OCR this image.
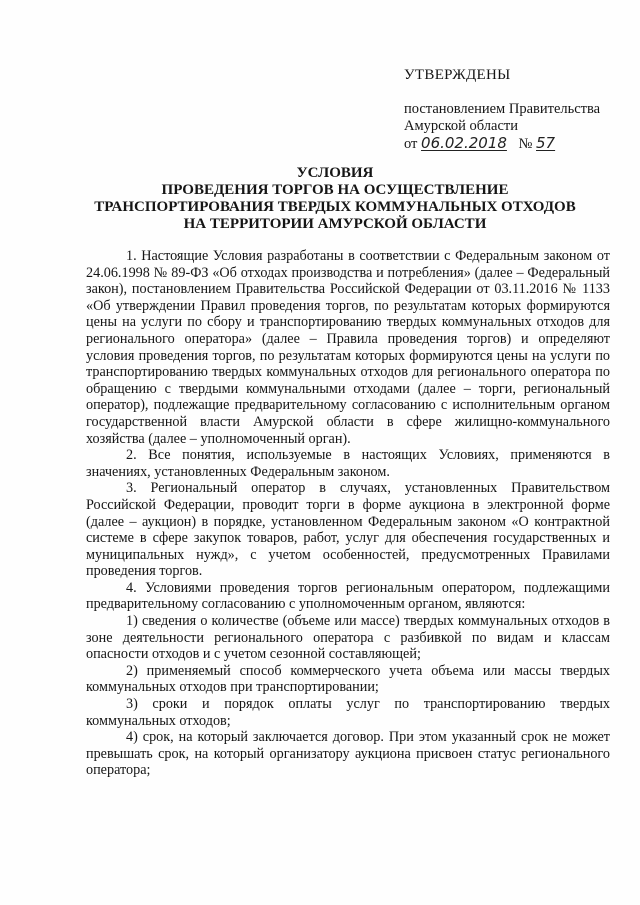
УТВЕРЖДЕНЫ
постановлением Правительства
Амурской области
от 06.02.2018 № 57
УСЛОВИЯ
ПРОВЕДЕНИЯ ТОРГОВ НА ОСУЩЕСТВЛЕНИЕ
ТРАНСПОРТИРОВАНИЯ ТВЕРДЫХ КОММУНАЛЬНЫХ ОТХОДОВ
НА ТЕРРИТОРИИ АМУРСКОЙ ОБЛАСТИ

1. Настоящие Условия разработаны в соответствии с Федеральным законом от 24.06.1998 № 89-ФЗ «Об отходах производства и потребления» (далее – Федеральный закон), постановлением Правительства Российской Федерации от 03.11.2016 № 1133 «Об утверждении Правил проведения торгов, по результатам которых формируются цены на услуги по сбору и транспортированию твердых коммунальных отходов для регионального оператора» (далее – Правила проведения торгов) и определяют условия проведения торгов, по результатам которых формируются цены на услуги по транспортированию твердых коммунальных отходов для регионального оператора по обращению с твердыми коммунальными отходами (далее – торги, региональный оператор), подлежащие предварительному согласованию с исполнительным органом государственной власти Амурской области в сфере жилищно-коммунального хозяйства (далее – уполномоченный орган).

2. Все понятия, используемые в настоящих Условиях, применяются в значениях, установленных Федеральным законом.

3. Региональный оператор в случаях, установленных Правительством Российской Федерации, проводит торги в форме аукциона в электронной форме (далее – аукцион) в порядке, установленном Федеральным законом «О контрактной системе в сфере закупок товаров, работ, услуг для обеспечения государственных и муниципальных нужд», с учетом особенностей, предусмотренных Правилами проведения торгов.

4. Условиями проведения торгов региональным оператором, подлежащими предварительному согласованию с уполномоченным органом, являются:

1) сведения о количестве (объеме или массе) твердых коммунальных отходов в зоне деятельности регионального оператора с разбивкой по видам и классам опасности отходов и с учетом сезонной составляющей;

2) применяемый способ коммерческого учета объема или массы твердых коммунальных отходов при транспортировании;

3) сроки и порядок оплаты услуг по транспортированию твердых коммунальных отходов;

4) срок, на который заключается договор. При этом указанный срок не может превышать срок, на который организатору аукциона присвоен статус регионального оператора;
